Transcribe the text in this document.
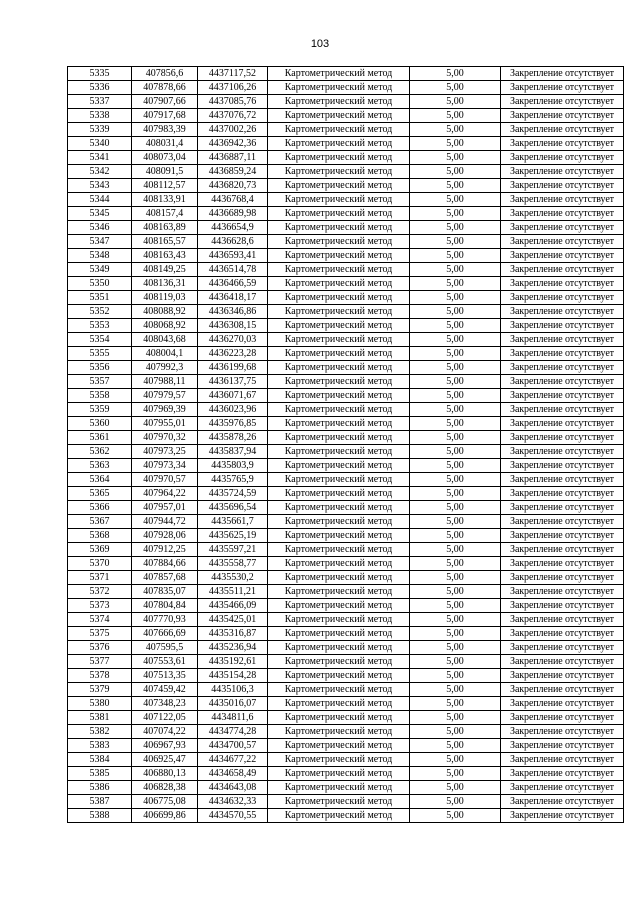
103
5335	407856,6	4437117,52	Картометрический метод	5,00	Закрепление отсутствует
5336	407878,66	4437106,26	Картометрический метод	5,00	Закрепление отсутствует
5337	407907,66	4437085,76	Картометрический метод	5,00	Закрепление отсутствует
5338	407917,68	4437076,72	Картометрический метод	5,00	Закрепление отсутствует
5339	407983,39	4437002,26	Картометрический метод	5,00	Закрепление отсутствует
5340	408031,4	4436942,36	Картометрический метод	5,00	Закрепление отсутствует
5341	408073,04	4436887,11	Картометрический метод	5,00	Закрепление отсутствует
5342	408091,5	4436859,24	Картометрический метод	5,00	Закрепление отсутствует
5343	408112,57	4436820,73	Картометрический метод	5,00	Закрепление отсутствует
5344	408133,91	4436768,4	Картометрический метод	5,00	Закрепление отсутствует
5345	408157,4	4436689,98	Картометрический метод	5,00	Закрепление отсутствует
5346	408163,89	4436654,9	Картометрический метод	5,00	Закрепление отсутствует
5347	408165,57	4436628,6	Картометрический метод	5,00	Закрепление отсутствует
5348	408163,43	4436593,41	Картометрический метод	5,00	Закрепление отсутствует
5349	408149,25	4436514,78	Картометрический метод	5,00	Закрепление отсутствует
5350	408136,31	4436466,59	Картометрический метод	5,00	Закрепление отсутствует
5351	408119,03	4436418,17	Картометрический метод	5,00	Закрепление отсутствует
5352	408088,92	4436346,86	Картометрический метод	5,00	Закрепление отсутствует
5353	408068,92	4436308,15	Картометрический метод	5,00	Закрепление отсутствует
5354	408043,68	4436270,03	Картометрический метод	5,00	Закрепление отсутствует
5355	408004,1	4436223,28	Картометрический метод	5,00	Закрепление отсутствует
5356	407992,3	4436199,68	Картометрический метод	5,00	Закрепление отсутствует
5357	407988,11	4436137,75	Картометрический метод	5,00	Закрепление отсутствует
5358	407979,57	4436071,67	Картометрический метод	5,00	Закрепление отсутствует
5359	407969,39	4436023,96	Картометрический метод	5,00	Закрепление отсутствует
5360	407955,01	4435976,85	Картометрический метод	5,00	Закрепление отсутствует
5361	407970,32	4435878,26	Картометрический метод	5,00	Закрепление отсутствует
5362	407973,25	4435837,94	Картометрический метод	5,00	Закрепление отсутствует
5363	407973,34	4435803,9	Картометрический метод	5,00	Закрепление отсутствует
5364	407970,57	4435765,9	Картометрический метод	5,00	Закрепление отсутствует
5365	407964,22	4435724,59	Картометрический метод	5,00	Закрепление отсутствует
5366	407957,01	4435696,54	Картометрический метод	5,00	Закрепление отсутствует
5367	407944,72	4435661,7	Картометрический метод	5,00	Закрепление отсутствует
5368	407928,06	4435625,19	Картометрический метод	5,00	Закрепление отсутствует
5369	407912,25	4435597,21	Картометрический метод	5,00	Закрепление отсутствует
5370	407884,66	4435558,77	Картометрический метод	5,00	Закрепление отсутствует
5371	407857,68	4435530,2	Картометрический метод	5,00	Закрепление отсутствует
5372	407835,07	4435511,21	Картометрический метод	5,00	Закрепление отсутствует
5373	407804,84	4435466,09	Картометрический метод	5,00	Закрепление отсутствует
5374	407770,93	4435425,01	Картометрический метод	5,00	Закрепление отсутствует
5375	407666,69	4435316,87	Картометрический метод	5,00	Закрепление отсутствует
5376	407595,5	4435236,94	Картометрический метод	5,00	Закрепление отсутствует
5377	407553,61	4435192,61	Картометрический метод	5,00	Закрепление отсутствует
5378	407513,35	4435154,28	Картометрический метод	5,00	Закрепление отсутствует
5379	407459,42	4435106,3	Картометрический метод	5,00	Закрепление отсутствует
5380	407348,23	4435016,07	Картометрический метод	5,00	Закрепление отсутствует
5381	407122,05	4434811,6	Картометрический метод	5,00	Закрепление отсутствует
5382	407074,22	4434774,28	Картометрический метод	5,00	Закрепление отсутствует
5383	406967,93	4434700,57	Картометрический метод	5,00	Закрепление отсутствует
5384	406925,47	4434677,22	Картометрический метод	5,00	Закрепление отсутствует
5385	406880,13	4434658,49	Картометрический метод	5,00	Закрепление отсутствует
5386	406828,38	4434643,08	Картометрический метод	5,00	Закрепление отсутствует
5387	406775,08	4434632,33	Картометрический метод	5,00	Закрепление отсутствует
5388	406699,86	4434570,55	Картометрический метод	5,00	Закрепление отсутствует
